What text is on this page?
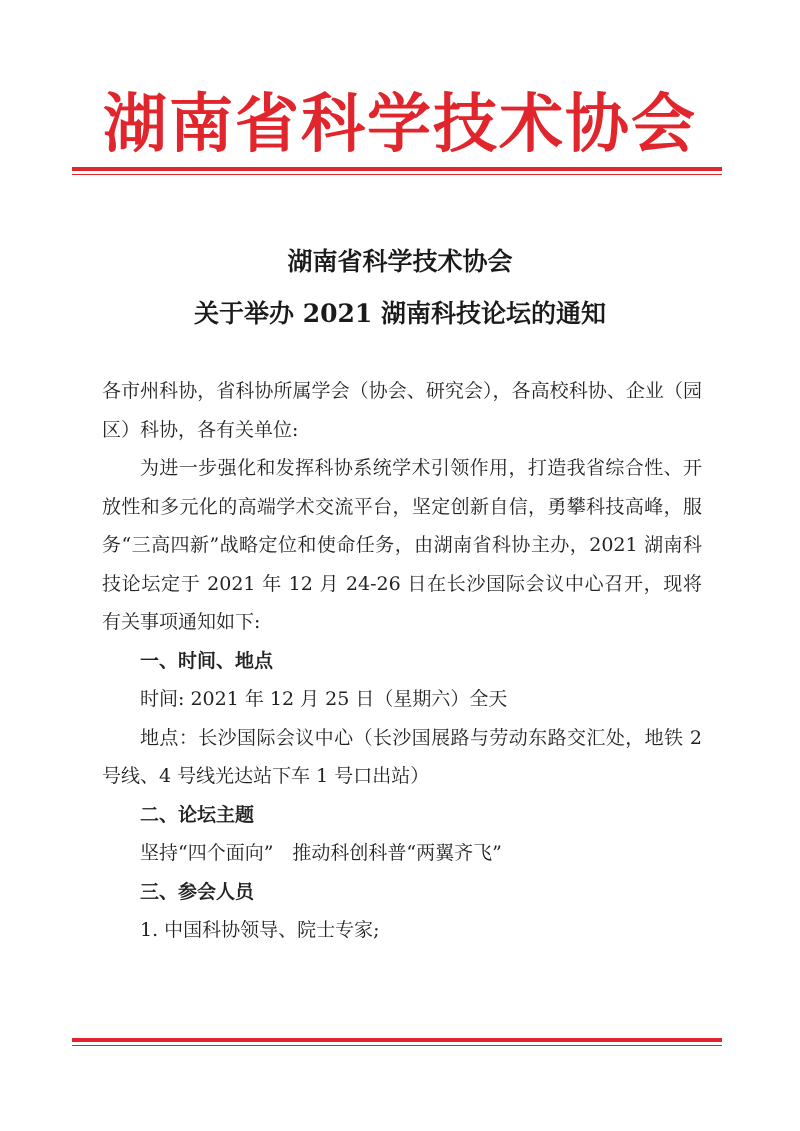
湖南省科学技术协会
湖南省科学技术协会
关于举办 2021 湖南科技论坛的通知

各市州科协，省科协所属学会（协会、研究会），各高校科协、企业（园区）科协，各有关单位:

为进一步强化和发挥科协系统学术引领作用，打造我省综合性、开放性和多元化的高端学术交流平台，坚定创新自信，勇攀科技高峰，服务“三高四新”战略定位和使命任务，由湖南省科协主办，2021 湖南科技论坛定于 2021 年 12 月 24-26 日在长沙国际会议中心召开，现将有关事项通知如下:

一、时间、地点

时间: 2021 年 12 月 25 日（星期六）全天

地点：长沙国际会议中心（长沙国展路与劳动东路交汇处，地铁 2 号线、4 号线光达站下车 1 号口出站）

二、论坛主题

坚持“四个面向”　推动科创科普“两翼齐飞”

三、参会人员

1. 中国科协领导、院士专家;
